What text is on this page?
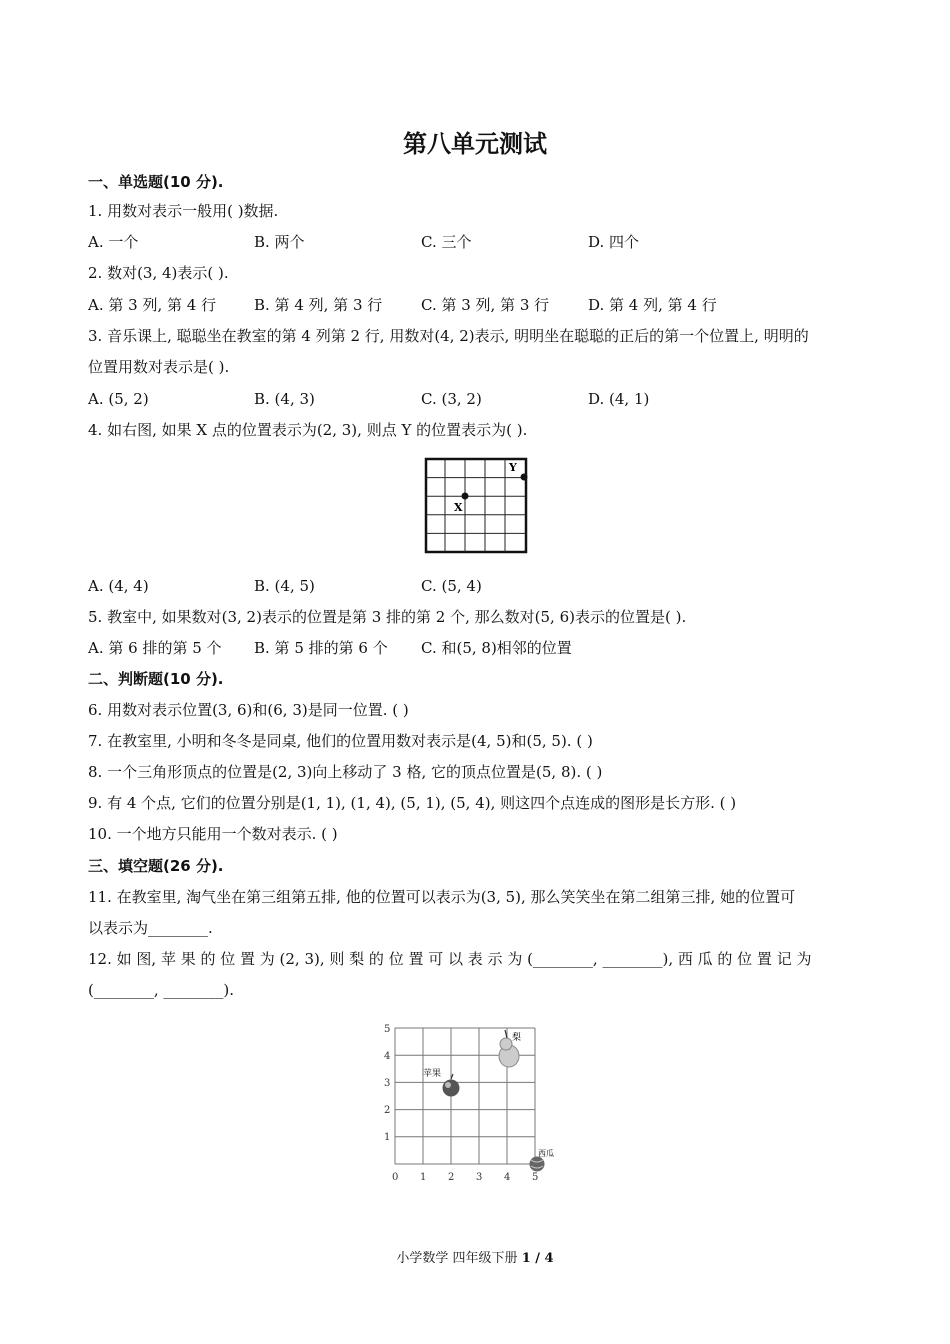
第八单元测试
一、单选题(10 分).
1. 用数对表示一般用( )数据.
A. 一个	B. 两个	C. 三个	D. 四个
2. 数对(3, 4)表示( ).
A. 第 3 列, 第 4 行	B. 第 4 列, 第 3 行	C. 第 3 列, 第 3 行	D. 第 4 列, 第 4 行
3. 音乐课上, 聪聪坐在教室的第 4 列第 2 行, 用数对(4, 2)表示, 明明坐在聪聪的正后的第一个位置上, 明明的
位置用数对表示是( ).
A. (5, 2)	B. (4, 3)	C. (3, 2)	D. (4, 1)
4. 如右图, 如果 X 点的位置表示为(2, 3), 则点 Y 的位置表示为( ).
X
Y
A. (4, 4)	B. (4, 5)	C. (5, 4)
5. 教室中, 如果数对(3, 2)表示的位置是第 3 排的第 2 个, 那么数对(5, 6)表示的位置是( ).
A. 第 6 排的第 5 个 B. 第 5 排的第 6 个 C. 和(5, 8)相邻的位置
二、判断题(10 分).
6. 用数对表示位置(3, 6)和(6, 3)是同一位置. ( )
7. 在教室里, 小明和冬冬是同桌, 他们的位置用数对表示是(4, 5)和(5, 5). ( )
8. 一个三角形顶点的位置是(2, 3)向上移动了 3 格, 它的顶点位置是(5, 8). ( )
9. 有 4 个点, 它们的位置分别是(1, 1), (1, 4), (5, 1), (5, 4), 则这四个点连成的图形是长方形. ( )
10. 一个地方只能用一个数对表示. ( )
三、填空题(26 分).
11. 在教室里, 淘气坐在第三组第五排, 他的位置可以表示为(3, 5), 那么笑笑坐在第二组第三排, 她的位置可
以表示为________.
12. 如 图, 苹 果 的 位 置 为 (2, 3), 则 梨 的 位 置 可 以 表 示 为 (________, ________), 西 瓜 的 位 置 记 为
(________, ________).
0 1 2 3 4 5
1
2
3
4
5
苹果
梨
西瓜
小学数学 四年级下册 1 / 4
